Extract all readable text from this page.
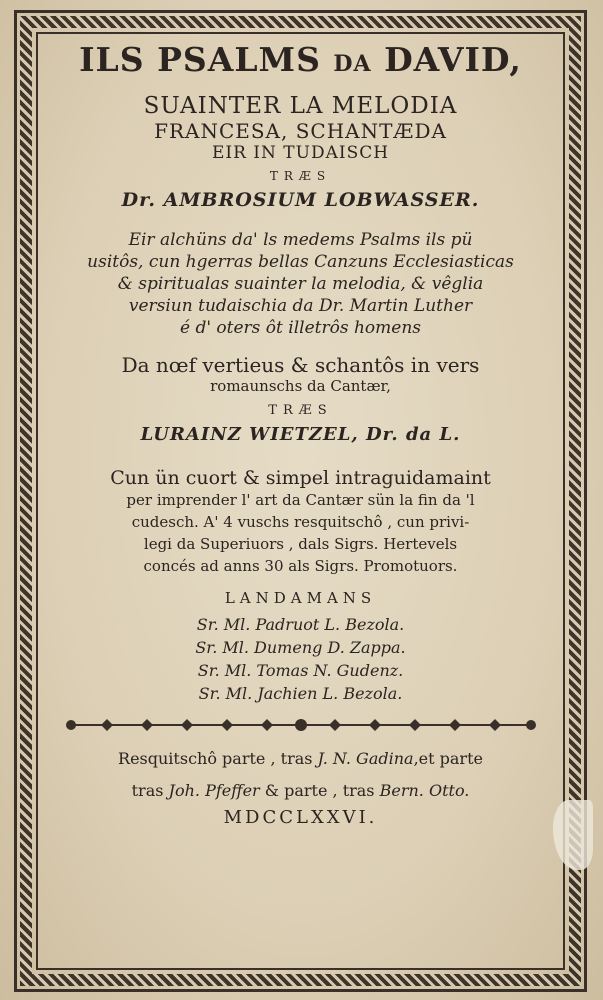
ILS PSALMS DA DAVID,
SUAINTER LA MELODIA
FRANCESA, SCHANTÆDA
EIR IN TUDAISCH
TRÆS
Dr. AMBROSIUM LOBWASSER.
Eir alchüns da' ls medems Psalms ils pü
usitôs, cun hgerras bellas Canzuns Ecclesiasticas
& spiritualas suainter la melodia, & vêglia
versiun tudaischia da Dr. Martin Luther
é d' oters ôt illetrôs homens
Da nœf vertieus & schantôs in vers
romaunschs da Cantær,
TRÆS
LURAINZ WIETZEL, Dr. da L.
Cun ün cuort & simpel intraguidamaint
per imprender l' art da Cantær sün la fin da 'l
cudesch. A' 4 vuschs resquitschô , cun privi-
legi da Superiuors , dals Sigrs. Hertevels
concés ad anns 30 als Sigrs. Promotuors.
LANDAMANS
Sr. Ml. Padruot L. Bezola.
Sr. Ml. Dumeng D. Zappa.
Sr. Ml. Tomas N. Gudenz.
Sr. Ml. Jachien L. Bezola.
Resquitschô parte , tras J. N. Gadina,et parte
tras Joh. Pfeffer & parte , tras Bern. Otto.
MDCCLXXVI.
